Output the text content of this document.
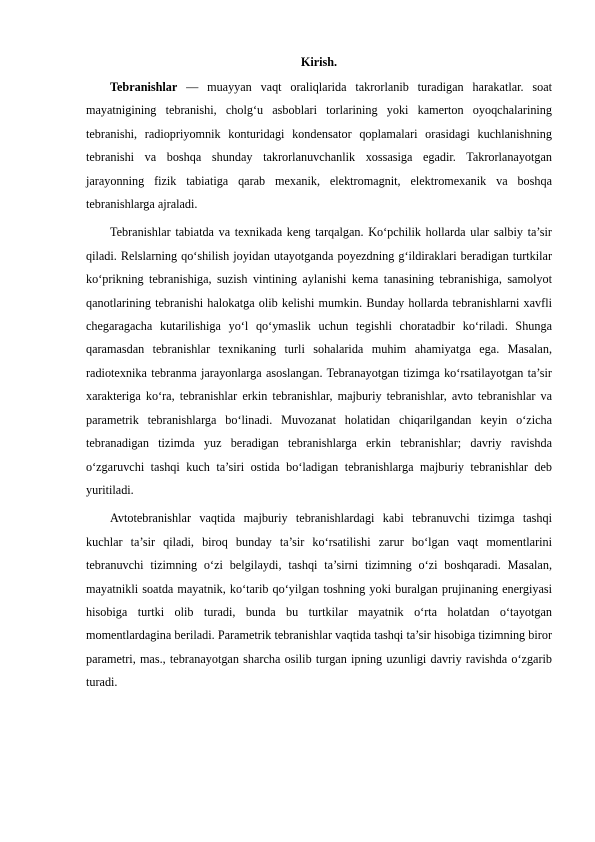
Kirish.

Tebranishlar — muayyan vaqt oraliqlarida takrorlanib turadigan harakatlar. soat mayatnigining tebranishi, cholg‘u asboblari torlarining yoki kamerton oyoqchalarining tebranishi, radiopriyomnik konturidagi kondensator qoplamalari orasidagi kuchlanishning tebranishi va boshqa shunday takrorlanuvchanlik xossasiga egadir. Takrorlanayotgan jarayonning fizik tabiatiga qarab mexanik, elektromagnit, elektromexanik va boshqa tebranishlarga ajraladi.

Tebranishlar tabiatda va texnikada keng tarqalgan. Ko‘pchilik hollarda ular salbiy ta’sir qiladi. Relslarning qo‘shilish joyidan utayotganda poyezdning g‘ildiraklari beradigan turtkilar ko‘prikning tebranishiga, suzish vintining aylanishi kema tanasining tebranishiga, samolyot qanotlarining tebranishi halokatga olib kelishi mumkin. Bunday hollarda tebranishlarni xavfli chegaragacha kutarilishiga yo‘l qo‘ymaslik uchun tegishli choratadbir ko‘riladi. Shunga qaramasdan tebranishlar texnikaning turli sohalarida muhim ahamiyatga ega. Masalan, radiotexnika tebranma jarayonlarga asoslangan. Tebranayotgan tizimga ko‘rsatilayotgan ta’sir xarakteriga ko‘ra, tebranishlar erkin tebranishlar, majburiy tebranishlar, avto tebranishlar va parametrik tebranishlarga bo‘linadi. Muvozanat holatidan chiqarilgandan keyin o‘zicha tebranadigan tizimda yuz beradigan tebranishlarga erkin tebranishlar; davriy ravishda o‘zgaruvchi tashqi kuch ta’siri ostida bo‘ladigan tebranishlarga majburiy tebranishlar deb yuritiladi.

Avtotebranishlar vaqtida majburiy tebranishlardagi kabi tebranuvchi tizimga tashqi kuchlar ta’sir qiladi, biroq bunday ta’sir ko‘rsatilishi zarur bo‘lgan vaqt momentlarini tebranuvchi tizimning o‘zi belgilaydi, tashqi ta’sirni tizimning o‘zi boshqaradi. Masalan, mayatnikli soatda mayatnik, ko‘tarib qo‘yilgan toshning yoki buralgan prujinaning energiyasi hisobiga turtki olib turadi, bunda bu turtkilar mayatnik o‘rta holatdan o‘tayotgan momentlardagina beriladi. Parametrik tebranishlar vaqtida tashqi ta’sir hisobiga tizimning biror parametri, mas., tebranayotgan sharcha osilib turgan ipning uzunligi davriy ravishda o‘zgarib turadi.
